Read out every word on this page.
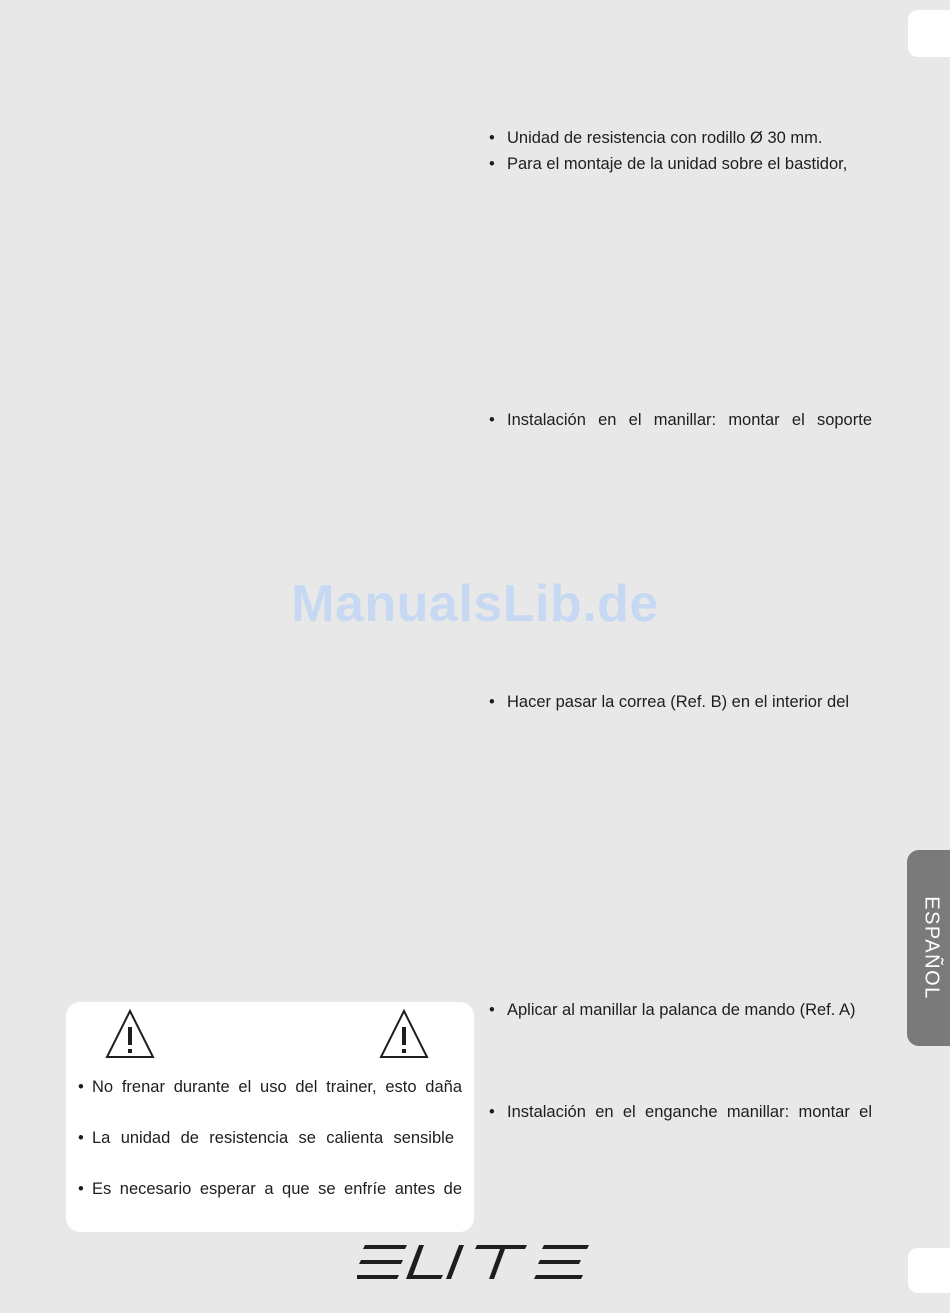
ESPAÑOL
• Unidad de resistencia con rodillo Ø 30 mm.
• Para el montaje de la unidad sobre el bastidor,
• Instalación en el manillar: montar el soporte
• Hacer pasar la correa (Ref. B) en el interior del
• Aplicar al manillar la palanca de mando (Ref. A)
• Instalación en el enganche manillar: montar el
ManualsLib.de
• No frenar durante el uso del trainer, esto daña
• La unidad de resistencia se calienta sensible
• Es necesario esperar a que se enfríe antes de
